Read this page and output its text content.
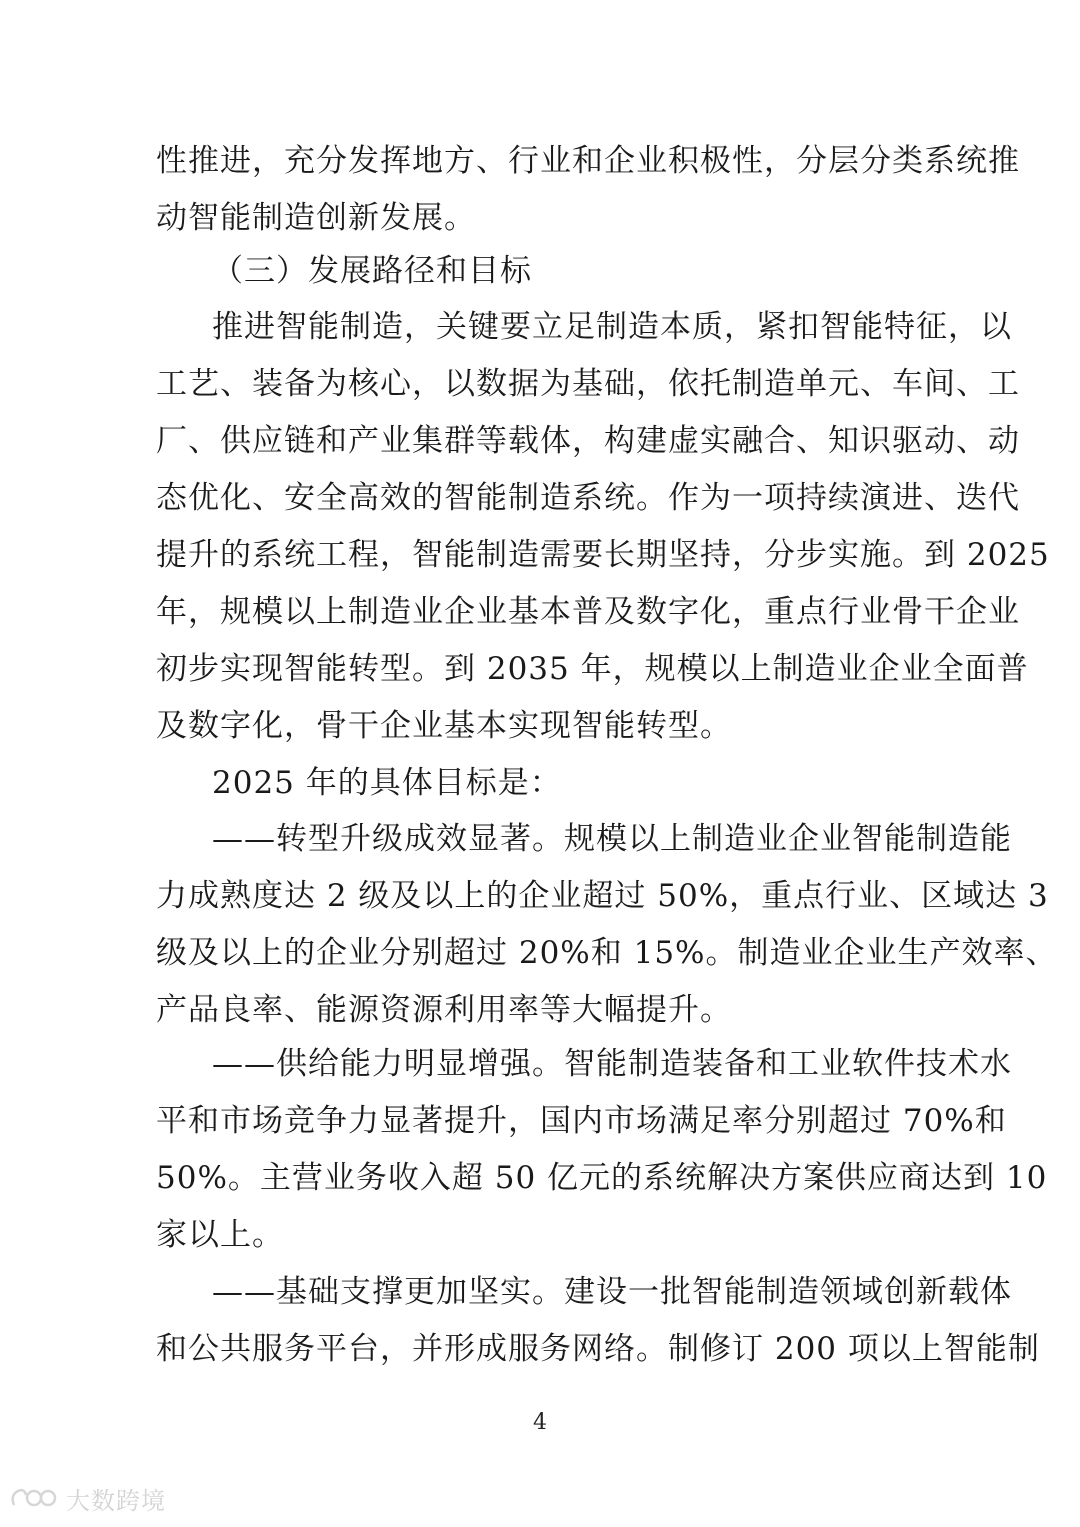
性推进，充分发挥地方、行业和企业积极性，分层分类系统推
动智能制造创新发展。
（三）发展路径和目标
推进智能制造，关键要立足制造本质，紧扣智能特征，以
工艺、装备为核心，以数据为基础，依托制造单元、车间、工
厂、供应链和产业集群等载体，构建虚实融合、知识驱动、动
态优化、安全高效的智能制造系统。作为一项持续演进、迭代
提升的系统工程，智能制造需要长期坚持，分步实施。到 2025
年，规模以上制造业企业基本普及数字化，重点行业骨干企业
初步实现智能转型。到 2035 年，规模以上制造业企业全面普
及数字化，骨干企业基本实现智能转型。
2025 年的具体目标是：
——转型升级成效显著。规模以上制造业企业智能制造能
力成熟度达 2 级及以上的企业超过 50%，重点行业、区域达 3
级及以上的企业分别超过 20%和 15%。制造业企业生产效率、
产品良率、能源资源利用率等大幅提升。
——供给能力明显增强。智能制造装备和工业软件技术水
平和市场竞争力显著提升，国内市场满足率分别超过 70%和
50%。主营业务收入超 50 亿元的系统解决方案供应商达到 10
家以上。
——基础支撑更加坚实。建设一批智能制造领域创新载体
和公共服务平台，并形成服务网络。制修订 200 项以上智能制
4
大数跨境
